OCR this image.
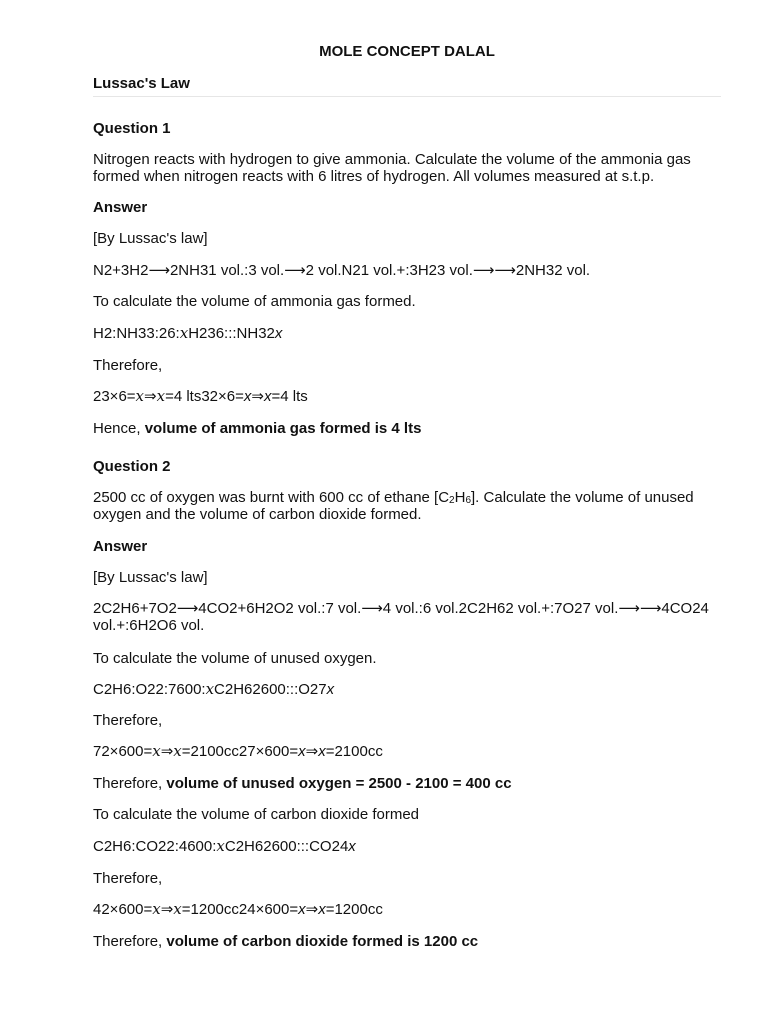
MOLE CONCEPT DALAL
Lussac's Law
Question 1
Nitrogen reacts with hydrogen to give ammonia. Calculate the volume of the ammonia gas formed when nitrogen reacts with 6 litres of hydrogen. All volumes measured at s.t.p.
Answer
[By Lussac's law]
N2+3H2⟶2NH31 vol.:3 vol.⟶2 vol.N21 vol.+:3H23 vol.⟶⟶2NH32 vol.
To calculate the volume of ammonia gas formed.
H2:NH33:26:xH236:::NH32x
Therefore,
23×6=x⇒x=4 lts32×6=x⇒x=4 lts
Hence, volume of ammonia gas formed is 4 lts
Question 2
2500 cc of oxygen was burnt with 600 cc of ethane $[C_2H_6]$. Calculate the volume of unused oxygen and the volume of carbon dioxide formed.
Answer
[By Lussac's law]
2C2H6+7O2⟶4CO2+6H2O2 vol.:7 vol.⟶4 vol.:6 vol.2C2H62 vol.+:7O27 vol.⟶⟶4CO24 vol.+:6H2O6 vol.
To calculate the volume of unused oxygen.
C2H6:O22:7600:xC2H62600:::O27x
Therefore,
72×600=x⇒x=2100cc27×600=x⇒x=2100cc
Therefore, volume of unused oxygen = 2500 - 2100 = 400 cc
To calculate the volume of carbon dioxide formed
C2H6:CO22:4600:xC2H62600:::CO24x
Therefore,
42×600=x⇒x=1200cc24×600=x⇒x=1200cc
Therefore, volume of carbon dioxide formed is 1200 cc
